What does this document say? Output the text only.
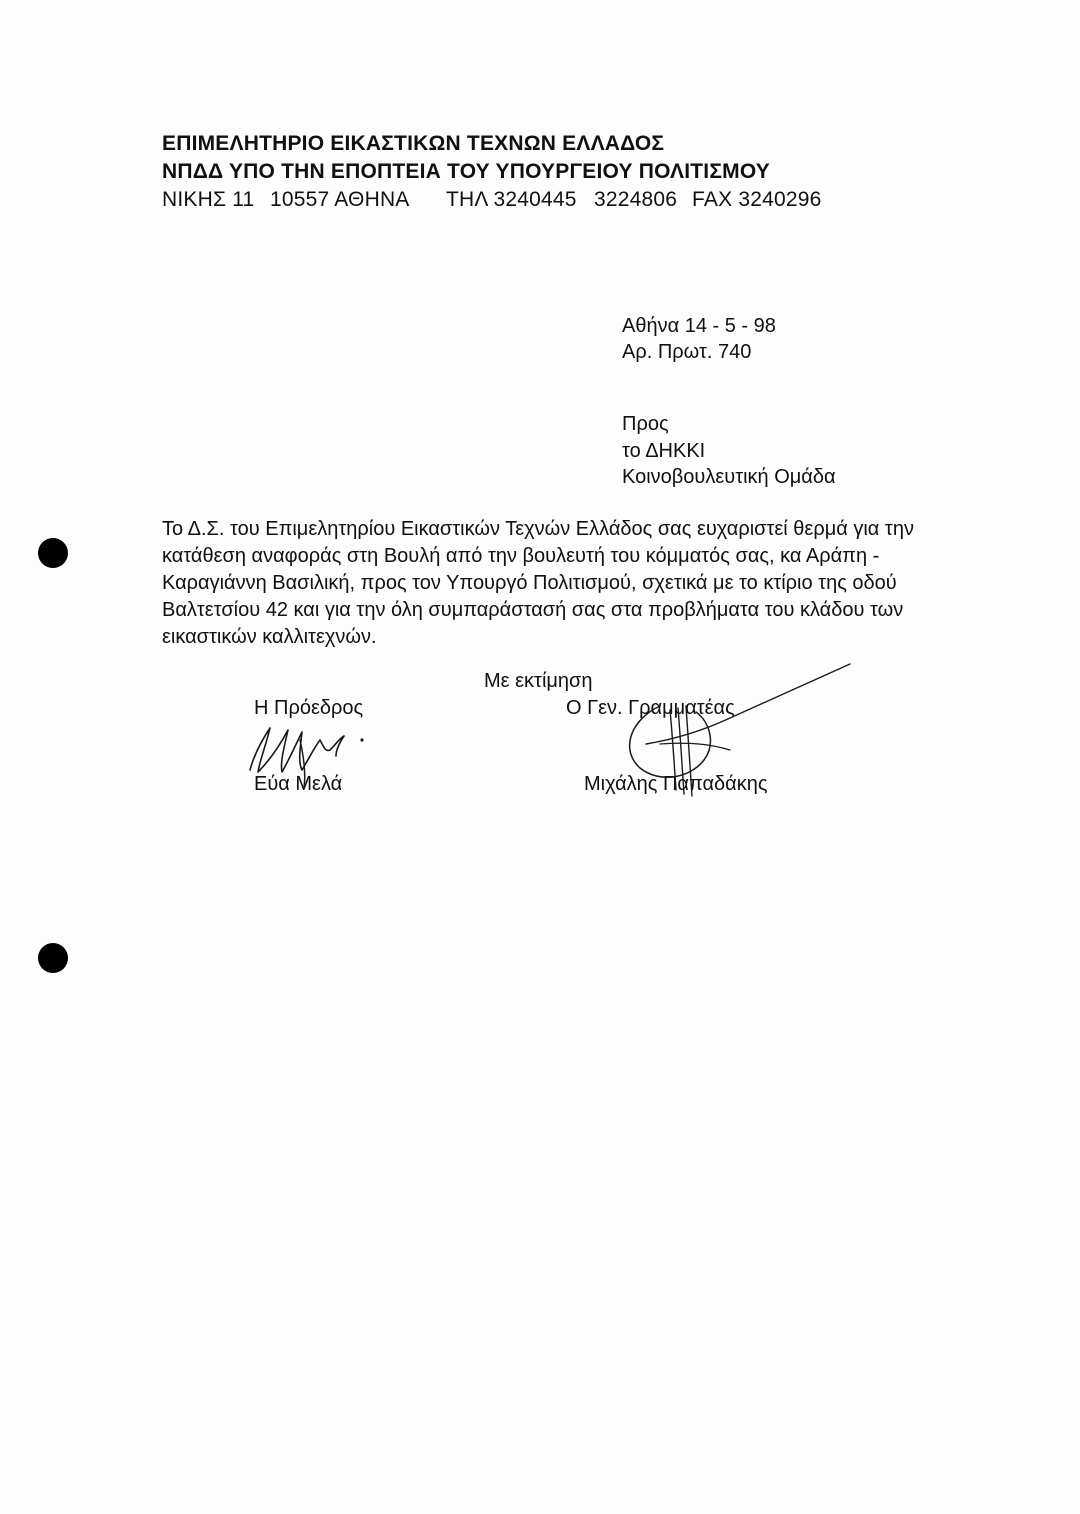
ΕΠΙΜΕΛΗΤΗΡΙΟ ΕΙΚΑΣΤΙΚΩΝ ΤΕΧΝΩΝ ΕΛΛΑΔΟΣ
ΝΠΔΔ ΥΠΟ ΤΗΝ ΕΠΟΠΤΕΙΑ ΤΟΥ ΥΠΟΥΡΓΕΙΟΥ ΠΟΛΙΤΙΣΜΟΥ
ΝΙΚΗΣ 11 10557 ΑΘΗΝΑ ΤΗΛ 3240445 3224806 FAX 3240296
Αθήνα 14 - 5 - 98
Αρ. Πρωτ. 740
Προς
το ΔΗΚΚΙ
Κοινοβουλευτική Ομάδα
Το Δ.Σ. του Επιμελητηρίου Εικαστικών Τεχνών Ελλάδος σας ευχαριστεί θερμά για την
κατάθεση αναφοράς στη Βουλή από την βουλευτή του κόμματός σας, κα Αράπη -
Καραγιάννη Βασιλική, προς τον Υπουργό Πολιτισμού, σχετικά με το κτίριο της οδού
Βαλτετσίου 42 και για την όλη συμπαράστασή σας στα προβλήματα του κλάδου των
εικαστικών καλλιτεχνών.
Με εκτίμηση
Η Πρόεδρος	Ο Γεν. Γραμματέας
Εύα Μελά	Μιχάλης Παπαδάκης
